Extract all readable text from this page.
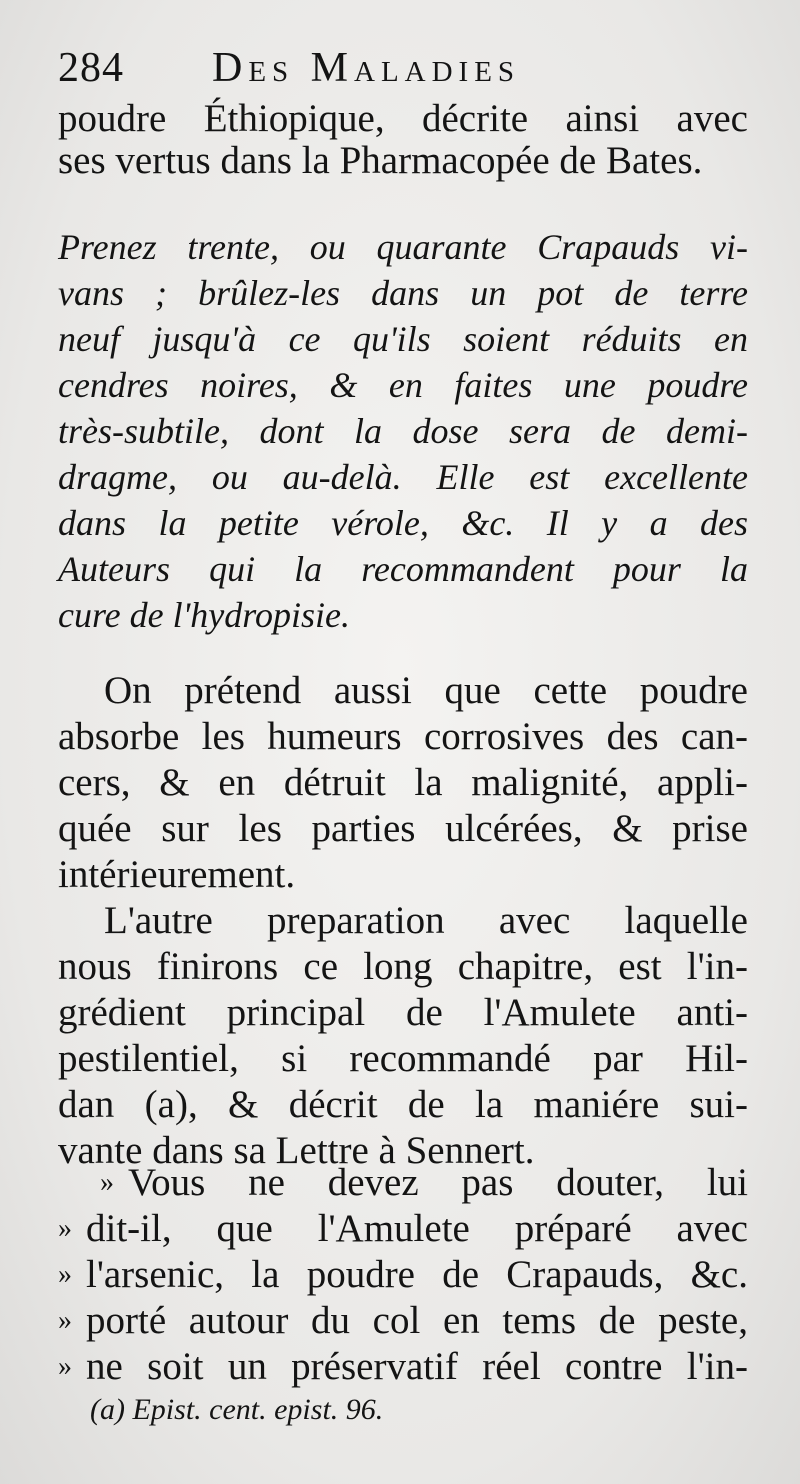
284 Des Maladies
poudre Éthiopique, décrite ainsi avec
ses vertus dans la Pharmacopée de Bates.
Prenez trente, ou quarante Crapauds vi-
vans ; brûlez-les dans un pot de terre
neuf jusqu'à ce qu'ils soient réduits en
cendres noires, & en faites une poudre
très-subtile, dont la dose sera de demi-
dragme, ou au-delà. Elle est excellente
dans la petite vérole, &c. Il y a des
Auteurs qui la recommandent pour la
cure de l'hydropisie.
On prétend aussi que cette poudre
absorbe les humeurs corrosives des can-
cers, & en détruit la malignité, appli-
quée sur les parties ulcérées, & prise
intérieurement.
L'autre preparation avec laquelle
nous finirons ce long chapitre, est l'in-
grédient principal de l'Amulete anti-
pestilentiel, si recommandé par Hil-
dan (a), & décrit de la maniére sui-
vante dans sa Lettre à Sennert.
» Vous ne devez pas douter, lui
» dit-il, que l'Amulete préparé avec
» l'arsenic, la poudre de Crapauds, &c.
» porté autour du col en tems de peste,
» ne soit un préservatif réel contre l'in-
(a) Epist. cent. epist. 96.
